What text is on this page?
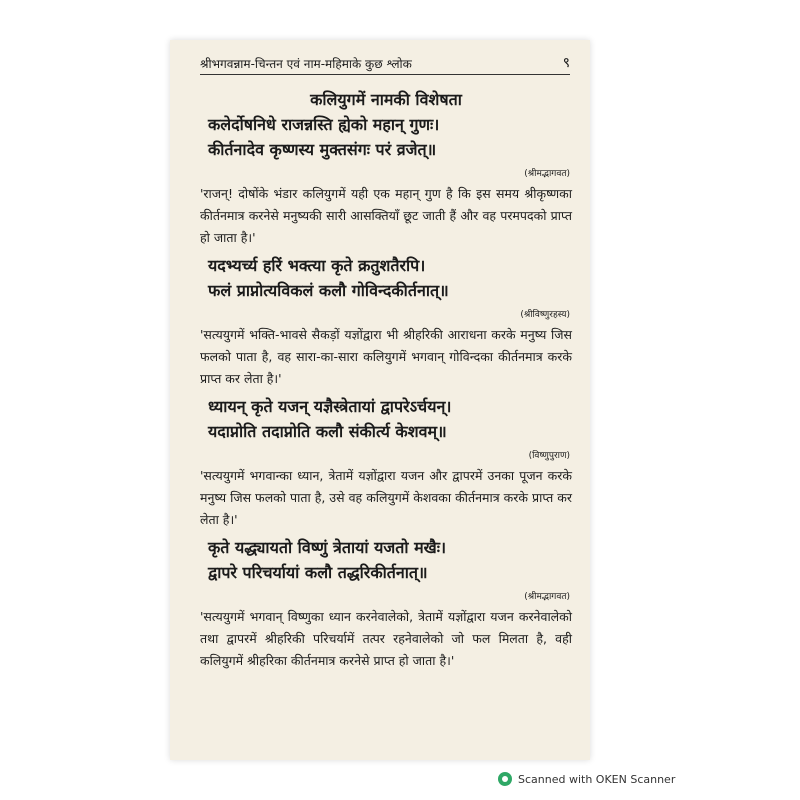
श्रीभगवन्नाम-चिन्तन एवं नाम-महिमाके कुछ श्लोक	९
कलियुगमें नामकी विशेषता
कलेर्दोषनिधे राजन्नस्ति ह्येको महान् गुणः।
कीर्तनादेव कृष्णस्य मुक्तसंगः परं व्रजेत्॥
(श्रीमद्भागवत)

'राजन्! दोषोंके भंडार कलियुगमें यही एक महान् गुण है कि इस समय श्रीकृष्णका कीर्तनमात्र करनेसे मनुष्यकी सारी आसक्तियाँ छूट जाती हैं और वह परमपदको प्राप्त हो जाता है।'

यदभ्यर्च्य हरिं भक्त्या कृते क्रतुशतैरपि।
फलं प्राप्नोत्यविकलं कलौ गोविन्दकीर्तनात्॥
(श्रीविष्णुरहस्य)

'सत्ययुगमें भक्ति-भावसे सैकड़ों यज्ञोंद्वारा भी श्रीहरिकी आराधना करके मनुष्य जिस फलको पाता है, वह सारा-का-सारा कलियुगमें भगवान् गोविन्दका कीर्तनमात्र करके प्राप्त कर लेता है।'

ध्यायन् कृते यजन् यज्ञैस्त्रेतायां द्वापरेऽर्चयन्।
यदाप्नोति तदाप्नोति कलौ संकीर्त्य केशवम्॥
(विष्णुपुराण)

'सत्ययुगमें भगवान्का ध्यान, त्रेतामें यज्ञोंद्वारा यजन और द्वापरमें उनका पूजन करके मनुष्य जिस फलको पाता है, उसे वह कलियुगमें केशवका कीर्तनमात्र करके प्राप्त कर लेता है।'

कृते यद्ध्यायतो विष्णुं त्रेतायां यजतो मखैः।
द्वापरे परिचर्यायां कलौ तद्धरिकीर्तनात्॥
(श्रीमद्भागवत)

'सत्ययुगमें भगवान् विष्णुका ध्यान करनेवालेको, त्रेतामें यज्ञोंद्वारा यजन करनेवालेको तथा द्वापरमें श्रीहरिकी परिचर्यामें तत्पर रहनेवालेको जो फल मिलता है, वही कलियुगमें श्रीहरिका कीर्तनमात्र करनेसे प्राप्त हो जाता है।'

Scanned with OKEN Scanner
